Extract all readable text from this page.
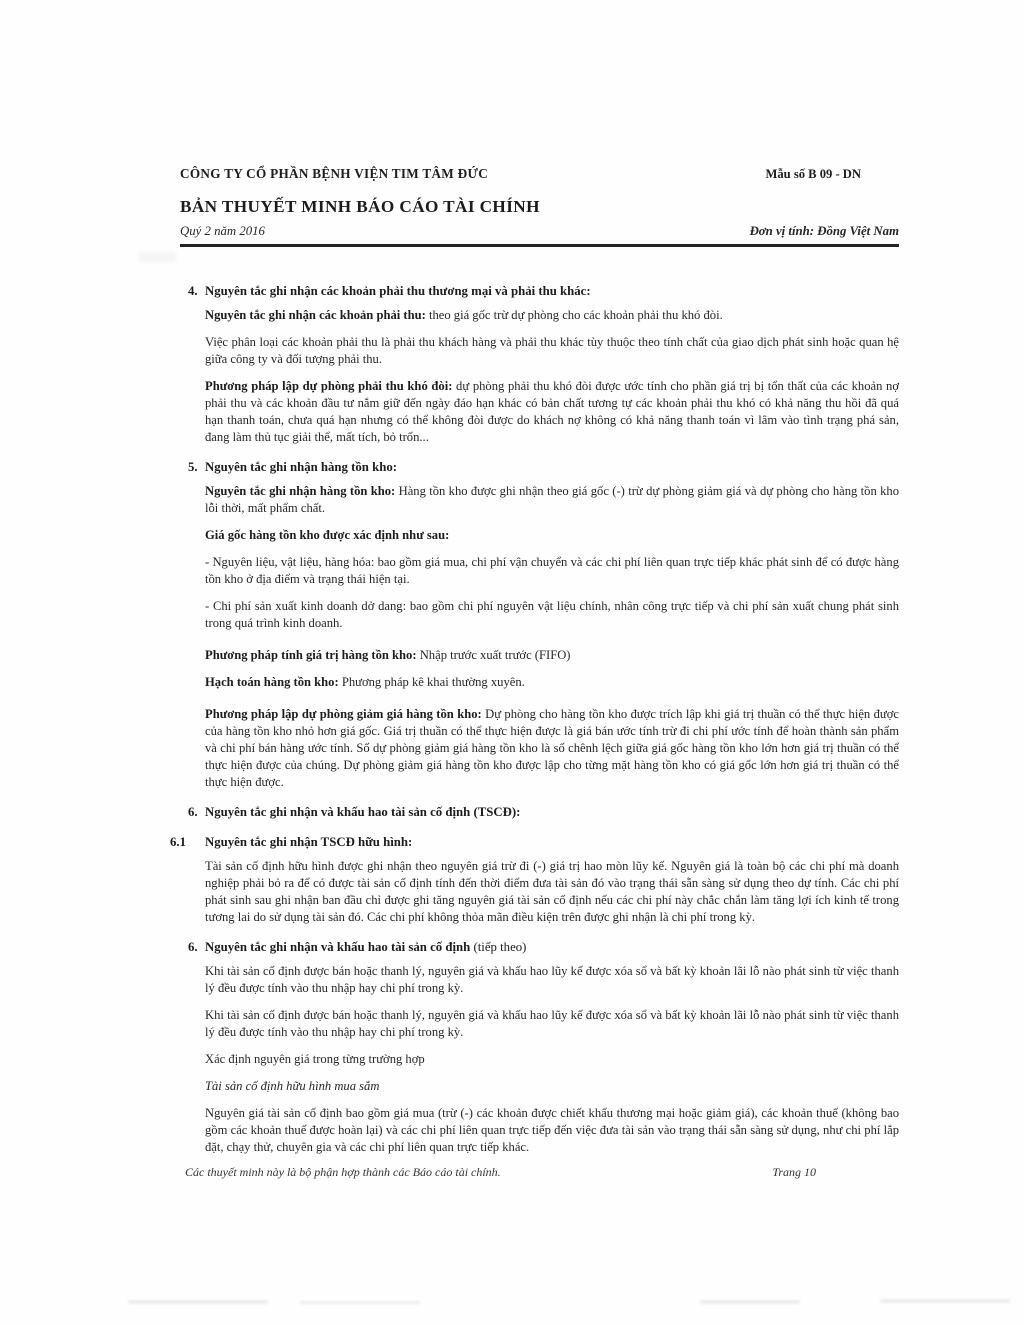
CÔNG TY CỔ PHẦN BỆNH VIỆN TIM TÂM ĐỨC	Mẫu số B 09 - DN
BẢN THUYẾT MINH BÁO CÁO TÀI CHÍNH
Quý 2 năm 2016	Đơn vị tính: Đồng Việt Nam
4. Nguyên tắc ghi nhận các khoản phải thu thương mại và phải thu khác:

Nguyên tắc ghi nhận các khoản phải thu: theo giá gốc trừ dự phòng cho các khoản phải thu khó đòi.

Việc phân loại các khoản phải thu là phải thu khách hàng và phải thu khác tùy thuộc theo tính chất của giao dịch phát sinh hoặc quan hệ giữa công ty và đối tượng phải thu.

Phương pháp lập dự phòng phải thu khó đòi: dự phòng phải thu khó đòi được ước tính cho phần giá trị bị tổn thất của các khoản nợ phải thu và các khoản đầu tư nắm giữ đến ngày đáo hạn khác có bản chất tương tự các khoản phải thu khó có khả năng thu hồi đã quá hạn thanh toán, chưa quá hạn nhưng có thể không đòi được do khách nợ không có khả năng thanh toán vì lâm vào tình trạng phá sản, đang làm thủ tục giải thể, mất tích, bỏ trốn...

5. Nguyên tắc ghi nhận hàng tồn kho:

Nguyên tắc ghi nhận hàng tồn kho: Hàng tồn kho được ghi nhận theo giá gốc (-) trừ dự phòng giảm giá và dự phòng cho hàng tồn kho lỗi thời, mất phẩm chất.

Giá gốc hàng tồn kho được xác định như sau:

- Nguyên liệu, vật liệu, hàng hóa: bao gồm giá mua, chi phí vận chuyển và các chi phí liên quan trực tiếp khác phát sinh để có được hàng tồn kho ở địa điểm và trạng thái hiện tại.

- Chi phí sản xuất kinh doanh dở dang: bao gồm chi phí nguyên vật liệu chính, nhân công trực tiếp và chi phí sản xuất chung phát sinh trong quá trình kinh doanh.

Phương pháp tính giá trị hàng tồn kho: Nhập trước xuất trước (FIFO)

Hạch toán hàng tồn kho: Phương pháp kê khai thường xuyên.

Phương pháp lập dự phòng giảm giá hàng tồn kho: Dự phòng cho hàng tồn kho được trích lập khi giá trị thuần có thể thực hiện được của hàng tồn kho nhỏ hơn giá gốc. Giá trị thuần có thể thực hiện được là giá bán ước tính trừ đi chi phí ước tính để hoàn thành sản phẩm và chi phí bán hàng ước tính. Số dự phòng giảm giá hàng tồn kho là số chênh lệch giữa giá gốc hàng tồn kho lớn hơn giá trị thuần có thể thực hiện được của chúng. Dự phòng giảm giá hàng tồn kho được lập cho từng mặt hàng tồn kho có giá gốc lớn hơn giá trị thuần có thể thực hiện được.

6. Nguyên tắc ghi nhận và khấu hao tài sản cố định (TSCĐ):
6.1 Nguyên tắc ghi nhận TSCĐ hữu hình:

Tài sản cố định hữu hình được ghi nhận theo nguyên giá trừ đi (-) giá trị hao mòn lũy kế. Nguyên giá là toàn bộ các chi phí mà doanh nghiệp phải bỏ ra để có được tài sản cố định tính đến thời điểm đưa tài sản đó vào trạng thái sẵn sàng sử dụng theo dự tính. Các chi phí phát sinh sau ghi nhận ban đầu chỉ được ghi tăng nguyên giá tài sản cố định nếu các chi phí này chắc chắn làm tăng lợi ích kinh tế trong tương lai do sử dụng tài sản đó. Các chi phí không thỏa mãn điều kiện trên được ghi nhận là chi phí trong kỳ.

6. Nguyên tắc ghi nhận và khấu hao tài sản cố định (tiếp theo)

Khi tài sản cố định được bán hoặc thanh lý, nguyên giá và khấu hao lũy kế được xóa sổ và bất kỳ khoản lãi lỗ nào phát sinh từ việc thanh lý đều được tính vào thu nhập hay chi phí trong kỳ.

Khi tài sản cố định được bán hoặc thanh lý, nguyên giá và khấu hao lũy kế được xóa sổ và bất kỳ khoản lãi lỗ nào phát sinh từ việc thanh lý đều được tính vào thu nhập hay chi phí trong kỳ.

Xác định nguyên giá trong từng trường hợp

Tài sản cố định hữu hình mua sắm

Nguyên giá tài sản cố định bao gồm giá mua (trừ (-) các khoản được chiết khấu thương mại hoặc giảm giá), các khoản thuế (không bao gồm các khoản thuế được hoàn lại) và các chi phí liên quan trực tiếp đến việc đưa tài sản vào trạng thái sẵn sàng sử dụng, như chi phí lắp đặt, chạy thử, chuyên gia và các chi phí liên quan trực tiếp khác.

Các thuyết minh này là bộ phận hợp thành các Báo cáo tài chính.	Trang 10
